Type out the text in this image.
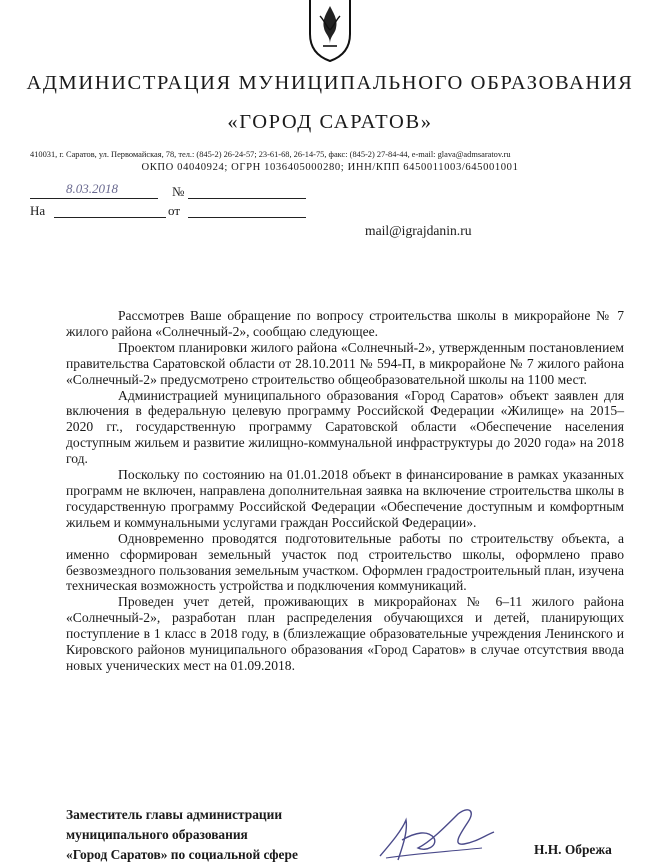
АДМИНИСТРАЦИЯ МУНИЦИПАЛЬНОГО ОБРАЗОВАНИЯ
«ГОРОД САРАТОВ»
410031, г. Саратов, ул. Первомайская, 78, тел.: (845-2) 26-24-57; 23-61-68, 26-14-75, факс: (845-2) 27-84-44, e-mail: glava@admsaratov.ru
ОКПО 04040924; ОГРН 1036405000280; ИНН/КПП 6450011003/645001001
8.03.2018	№
На	от
mail@igrajdanin.ru

Рассмотрев Ваше обращение по вопросу строительства школы в микрорайоне № 7 жилого района «Солнечный-2», сообщаю следующее.

Проектом планировки жилого района «Солнечный-2», утвержденным постановлением правительства Саратовской области от 28.10.2011 № 594-П, в микрорайоне № 7 жилого района «Солнечный-2» предусмотрено строительство общеобразовательной школы на 1100 мест.

Администрацией муниципального образования «Город Саратов» объект заявлен для включения в федеральную целевую программу Российской Федерации «Жилище» на 2015–2020 гг., государственную программу Саратовской области «Обеспечение населения доступным жильем и развитие жилищно-коммунальной инфраструктуры до 2020 года» на 2018 год.

Поскольку по состоянию на 01.01.2018 объект в финансирование в рамках указанных программ не включен, направлена дополнительная заявка на включение строительства школы в государственную программу Российской Федерации «Обеспечение доступным и комфортным жильем и коммунальными услугами граждан Российской Федерации».

Одновременно проводятся подготовительные работы по строительству объекта, а именно сформирован земельный участок под строительство школы, оформлено право безвозмездного пользования земельным участком. Оформлен градостроительный план, изучена техническая возможность устройства и подключения коммуникаций.

Проведен учет детей, проживающих в микрорайонах № 6–11 жилого района «Солнечный-2», разработан план распределения обучающихся и детей, планирующих поступление в 1 класс в 2018 году, в (близлежащие образовательные учреждения Ленинского и Кировского районов муниципального образования «Город Саратов» в случае отсутствия ввода новых ученических мест на 01.09.2018.

Заместитель главы администрации
муниципального образования
«Город Саратов» по социальной сфере	Н.Н. Обрежа
